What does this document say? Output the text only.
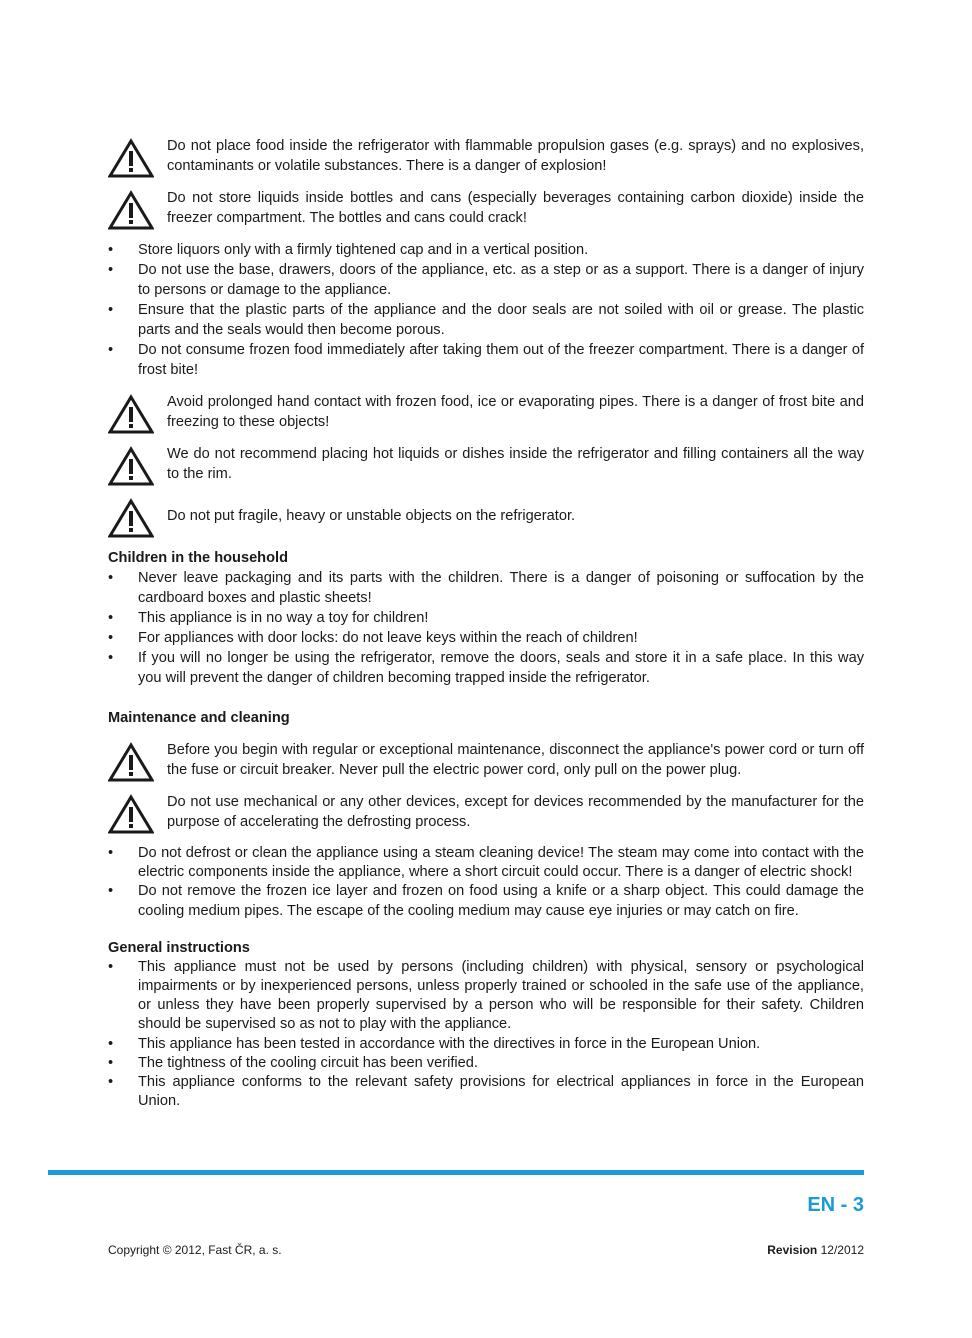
Do not place food inside the refrigerator with flammable propulsion gases (e.g. sprays) and no explosives, contaminants or volatile substances. There is a danger of explosion!
Do not store liquids inside bottles and cans (especially beverages containing carbon dioxide) inside the freezer compartment. The bottles and cans could crack!
• Store liquors only with a firmly tightened cap and in a vertical position.
• Do not use the base, drawers, doors of the appliance, etc. as a step or as a support. There is a danger of injury to persons or damage to the appliance.
• Ensure that the plastic parts of the appliance and the door seals are not soiled with oil or grease. The plastic parts and the seals would then become porous.
• Do not consume frozen food immediately after taking them out of the freezer compartment. There is a danger of frost bite!
Avoid prolonged hand contact with frozen food, ice or evaporating pipes. There is a danger of frost bite and freezing to these objects!
We do not recommend placing hot liquids or dishes inside the refrigerator and filling containers all the way to the rim.
Do not put fragile, heavy or unstable objects on the refrigerator.
Children in the household
• Never leave packaging and its parts with the children. There is a danger of poisoning or suffocation by the cardboard boxes and plastic sheets!
• This appliance is in no way a toy for children!
• For appliances with door locks: do not leave keys within the reach of children!
• If you will no longer be using the refrigerator, remove the doors, seals and store it in a safe place. In this way you will prevent the danger of children becoming trapped inside the refrigerator.
Maintenance and cleaning
Before you begin with regular or exceptional maintenance, disconnect the appliance's power cord or turn off the fuse or circuit breaker. Never pull the electric power cord, only pull on the power plug.
Do not use mechanical or any other devices, except for devices recommended by the manufacturer for the purpose of accelerating the defrosting process.
• Do not defrost or clean the appliance using a steam cleaning device! The steam may come into contact with the electric components inside the appliance, where a short circuit could occur. There is a danger of electric shock!
• Do not remove the frozen ice layer and frozen on food using a knife or a sharp object. This could damage the cooling medium pipes. The escape of the cooling medium may cause eye injuries or may catch on fire.
General instructions
• This appliance must not be used by persons (including children) with physical, sensory or psychological impairments or by inexperienced persons, unless properly trained or schooled in the safe use of the appliance, or unless they have been properly supervised by a person who will be responsible for their safety. Children should be supervised so as not to play with the appliance.
• This appliance has been tested in accordance with the directives in force in the European Union.
• The tightness of the cooling circuit has been verified.
• This appliance conforms to the relevant safety provisions for electrical appliances in force in the European Union.
EN - 3
Copyright © 2012, Fast ČR, a. s.	Revision 12/2012
